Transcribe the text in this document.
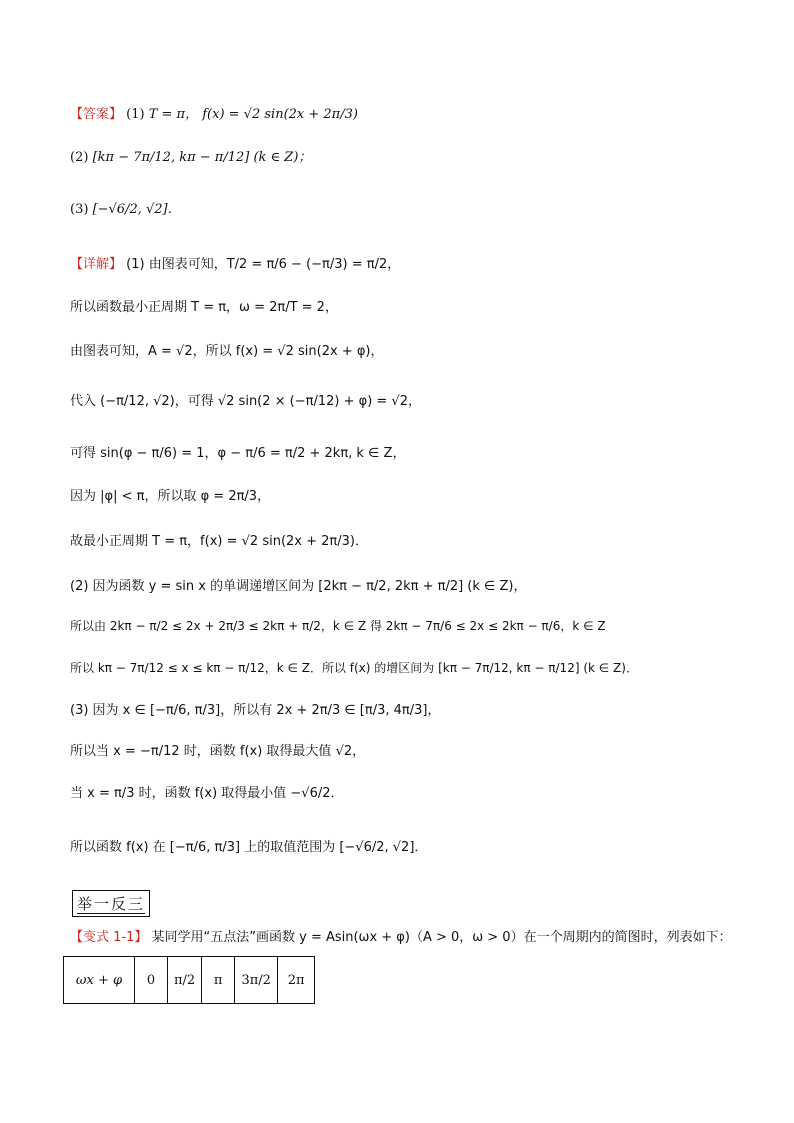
【答案】 (1) T = π， f(x) = √2 sin(2x + 2π/3)
(2) [kπ − 7π/12, kπ − π/12] (k ∈ Z)；
(3) [−√6/2, √2]．
【详解】 (1) 由图表可知，T/2 = π/6 − (−π/3) = π/2，
所以函数最小正周期 T = π，ω = 2π/T = 2，
由图表可知，A = √2，所以 f(x) = √2 sin(2x + φ)，
代入 (−π/12, √2)，可得 √2 sin(2 × (−π/12) + φ) = √2，
可得 sin(φ − π/6) = 1，φ − π/6 = π/2 + 2kπ, k ∈ Z，
因为 |φ| < π，所以取 φ = 2π/3，
故最小正周期 T = π，f(x) = √2 sin(2x + 2π/3)．
(2) 因为函数 y = sin x 的单调递增区间为 [2kπ − π/2, 2kπ + π/2] (k ∈ Z)，
所以由 2kπ − π/2 ≤ 2x + 2π/3 ≤ 2kπ + π/2，k ∈ Z 得 2kπ − 7π/6 ≤ 2x ≤ 2kπ − π/6，k ∈ Z
所以 kπ − 7π/12 ≤ x ≤ kπ − π/12，k ∈ Z．所以 f(x) 的增区间为 [kπ − 7π/12, kπ − π/12] (k ∈ Z)．
(3) 因为 x ∈ [−π/6, π/3]，所以有 2x + 2π/3 ∈ [π/3, 4π/3]，
所以当 x = −π/12 时，函数 f(x) 取得最大值 √2，
当 x = π/3 时，函数 f(x) 取得最小值 −√6/2．
所以函数 f(x) 在 [−π/6, π/3] 上的取值范围为 [−√6/2, √2]．
举一反三
【变式 1-1】 某同学用“五点法”画函数 y = Asin(ωx + φ)（A > 0，ω > 0）在一个周期内的简图时，列表如下：
ωx + φ	0	π/2	π	3π/2	2π
